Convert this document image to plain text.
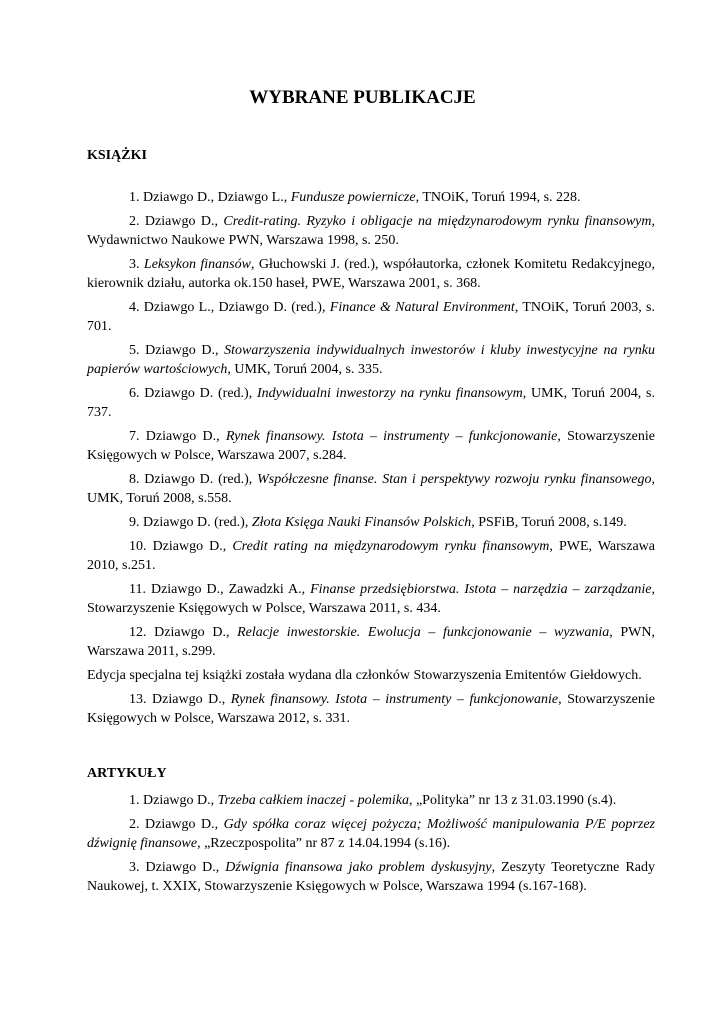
WYBRANE PUBLIKACJE
KSIĄŻKI

1. Dziawgo D., Dziawgo L., Fundusze powiernicze, TNOiK, Toruń 1994, s. 228.

2. Dziawgo D., Credit-rating. Ryzyko i obligacje na międzynarodowym rynku finansowym, Wydawnictwo Naukowe PWN, Warszawa 1998, s. 250.

3. Leksykon finansów, Głuchowski J. (red.), współautorka, członek Komitetu Redakcyjnego, kierownik działu, autorka ok.150 haseł, PWE, Warszawa 2001, s. 368.

4. Dziawgo L., Dziawgo D. (red.), Finance & Natural Environment, TNOiK, Toruń 2003, s. 701.

5. Dziawgo D., Stowarzyszenia indywidualnych inwestorów i kluby inwestycyjne na rynku papierów wartościowych, UMK, Toruń 2004, s. 335.

6. Dziawgo D. (red.), Indywidualni inwestorzy na rynku finansowym, UMK, Toruń 2004, s. 737.

7. Dziawgo D., Rynek finansowy. Istota – instrumenty – funkcjonowanie, Stowarzyszenie Księgowych w Polsce, Warszawa 2007, s.284.

8. Dziawgo D. (red.), Współczesne finanse. Stan i perspektywy rozwoju rynku finansowego, UMK, Toruń 2008, s.558.

9. Dziawgo D. (red.), Złota Księga Nauki Finansów Polskich, PSFiB, Toruń 2008, s.149.

10. Dziawgo D., Credit rating na międzynarodowym rynku finansowym, PWE, Warszawa 2010, s.251.

11. Dziawgo D., Zawadzki A., Finanse przedsiębiorstwa. Istota – narzędzia – zarządzanie, Stowarzyszenie Księgowych w Polsce, Warszawa 2011, s. 434.

12. Dziawgo D., Relacje inwestorskie. Ewolucja – funkcjonowanie – wyzwania, PWN, Warszawa 2011, s.299.

Edycja specjalna tej książki została wydana dla członków Stowarzyszenia Emitentów Giełdowych.

13. Dziawgo D., Rynek finansowy. Istota – instrumenty – funkcjonowanie, Stowarzyszenie Księgowych w Polsce, Warszawa 2012, s. 331.

ARTYKUŁY

1. Dziawgo D., Trzeba całkiem inaczej - polemika, „Polityka” nr 13 z 31.03.1990 (s.4).

2. Dziawgo D., Gdy spółka coraz więcej pożycza; Możliwość manipulowania P/E poprzez dźwignię finansowe, „Rzeczpospolita” nr 87 z 14.04.1994 (s.16).

3. Dziawgo D., Dźwignia finansowa jako problem dyskusyjny, Zeszyty Teoretyczne Rady Naukowej, t. XXIX, Stowarzyszenie Księgowych w Polsce, Warszawa 1994 (s.167-168).
